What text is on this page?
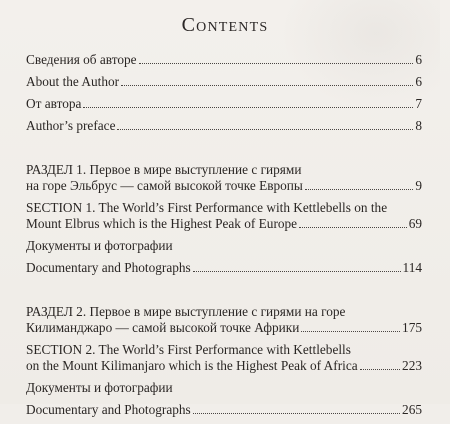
Contents
Сведения об авторе	6
About the Author	6
От автора	7
Author’s preface	8
РАЗДЕЛ 1. Первое в мире выступление с гирями
на горе Эльбрус — самой высокой точке Европы	9
SECTION 1. The World’s First Performance with Kettlebells on the
Mount Elbrus which is the Highest Peak of Europe	69
Документы и фотографии
Documentary and Photographs	114
РАЗДЕЛ 2. Первое в мире выступление с гирями на горе
Килиманджаро — самой высокой точке Африки	175
SECTION 2. The World’s First Performance with Kettlebells
on the Mount Kilimanjaro which is the Highest Peak of Africa	223
Документы и фотографии
Documentary and Photographs	265
